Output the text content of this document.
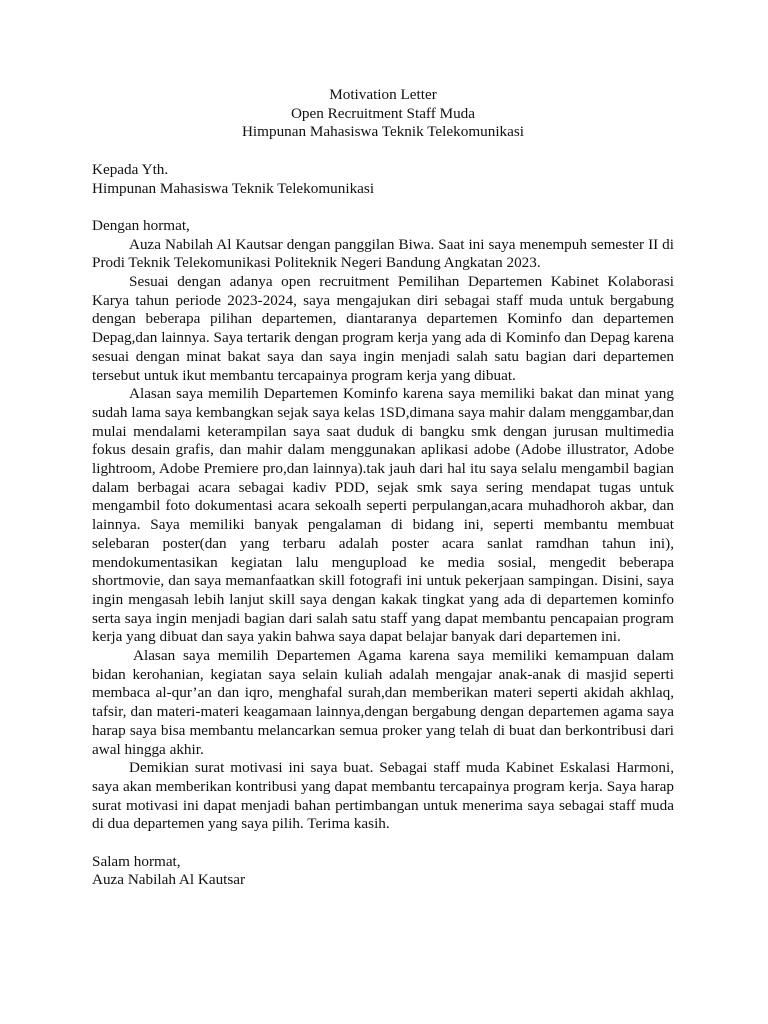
Motivation Letter
Open Recruitment Staff Muda
Himpunan Mahasiswa Teknik Telekomunikasi
Kepada Yth.
Himpunan Mahasiswa Teknik Telekomunikasi
Dengan hormat,

Auza Nabilah Al Kautsar dengan panggilan Biwa. Saat ini saya menempuh semester II di Prodi Teknik Telekomunikasi Politeknik Negeri Bandung Angkatan 2023.

Sesuai dengan adanya open recruitment Pemilihan Departemen Kabinet Kolaborasi Karya tahun periode 2023-2024, saya mengajukan diri sebagai staff muda untuk bergabung dengan beberapa pilihan departemen, diantaranya departemen Kominfo dan departemen Depag,dan lainnya. Saya tertarik dengan program kerja yang ada di Kominfo dan Depag karena sesuai dengan minat bakat saya dan saya ingin menjadi salah satu bagian dari departemen tersebut untuk ikut membantu tercapainya program kerja yang dibuat.

Alasan saya memilih Departemen Kominfo karena saya memiliki bakat dan minat yang sudah lama saya kembangkan sejak saya kelas 1SD,dimana saya mahir dalam menggambar,dan mulai mendalami keterampilan saya saat duduk di bangku smk dengan jurusan multimedia fokus desain grafis, dan mahir dalam menggunakan aplikasi adobe (Adobe illustrator, Adobe lightroom, Adobe Premiere pro,dan lainnya).tak jauh dari hal itu saya selalu mengambil bagian dalam berbagai acara sebagai kadiv PDD, sejak smk saya sering mendapat tugas untuk mengambil foto dokumentasi acara sekoalh seperti perpulangan,acara muhadhoroh akbar, dan lainnya. Saya memiliki banyak pengalaman di bidang ini, seperti membantu membuat selebaran poster(dan yang terbaru adalah poster acara sanlat ramdhan tahun ini), mendokumentasikan kegiatan lalu mengupload ke media sosial, mengedit beberapa shortmovie, dan saya memanfaatkan skill fotografi ini untuk pekerjaan sampingan. Disini, saya ingin mengasah lebih lanjut skill saya dengan kakak tingkat yang ada di departemen kominfo serta saya ingin menjadi bagian dari salah satu staff yang dapat membantu pencapaian program kerja yang dibuat dan saya yakin bahwa saya dapat belajar banyak dari departemen ini.

Alasan saya memilih Departemen Agama karena saya memiliki kemampuan dalam bidan kerohanian, kegiatan saya selain kuliah adalah mengajar anak-anak di masjid seperti membaca al-qur’an dan iqro, menghafal surah,dan memberikan materi seperti akidah akhlaq, tafsir, dan materi-materi keagamaan lainnya,dengan bergabung dengan departemen agama saya harap saya bisa membantu melancarkan semua proker yang telah di buat dan berkontribusi dari awal hingga akhir.

Demikian surat motivasi ini saya buat. Sebagai staff muda Kabinet Eskalasi Harmoni, saya akan memberikan kontribusi yang dapat membantu tercapainya program kerja. Saya harap surat motivasi ini dapat menjadi bahan pertimbangan untuk menerima saya sebagai staff muda di dua departemen yang saya pilih. Terima kasih.

Salam hormat,
Auza Nabilah Al Kautsar
